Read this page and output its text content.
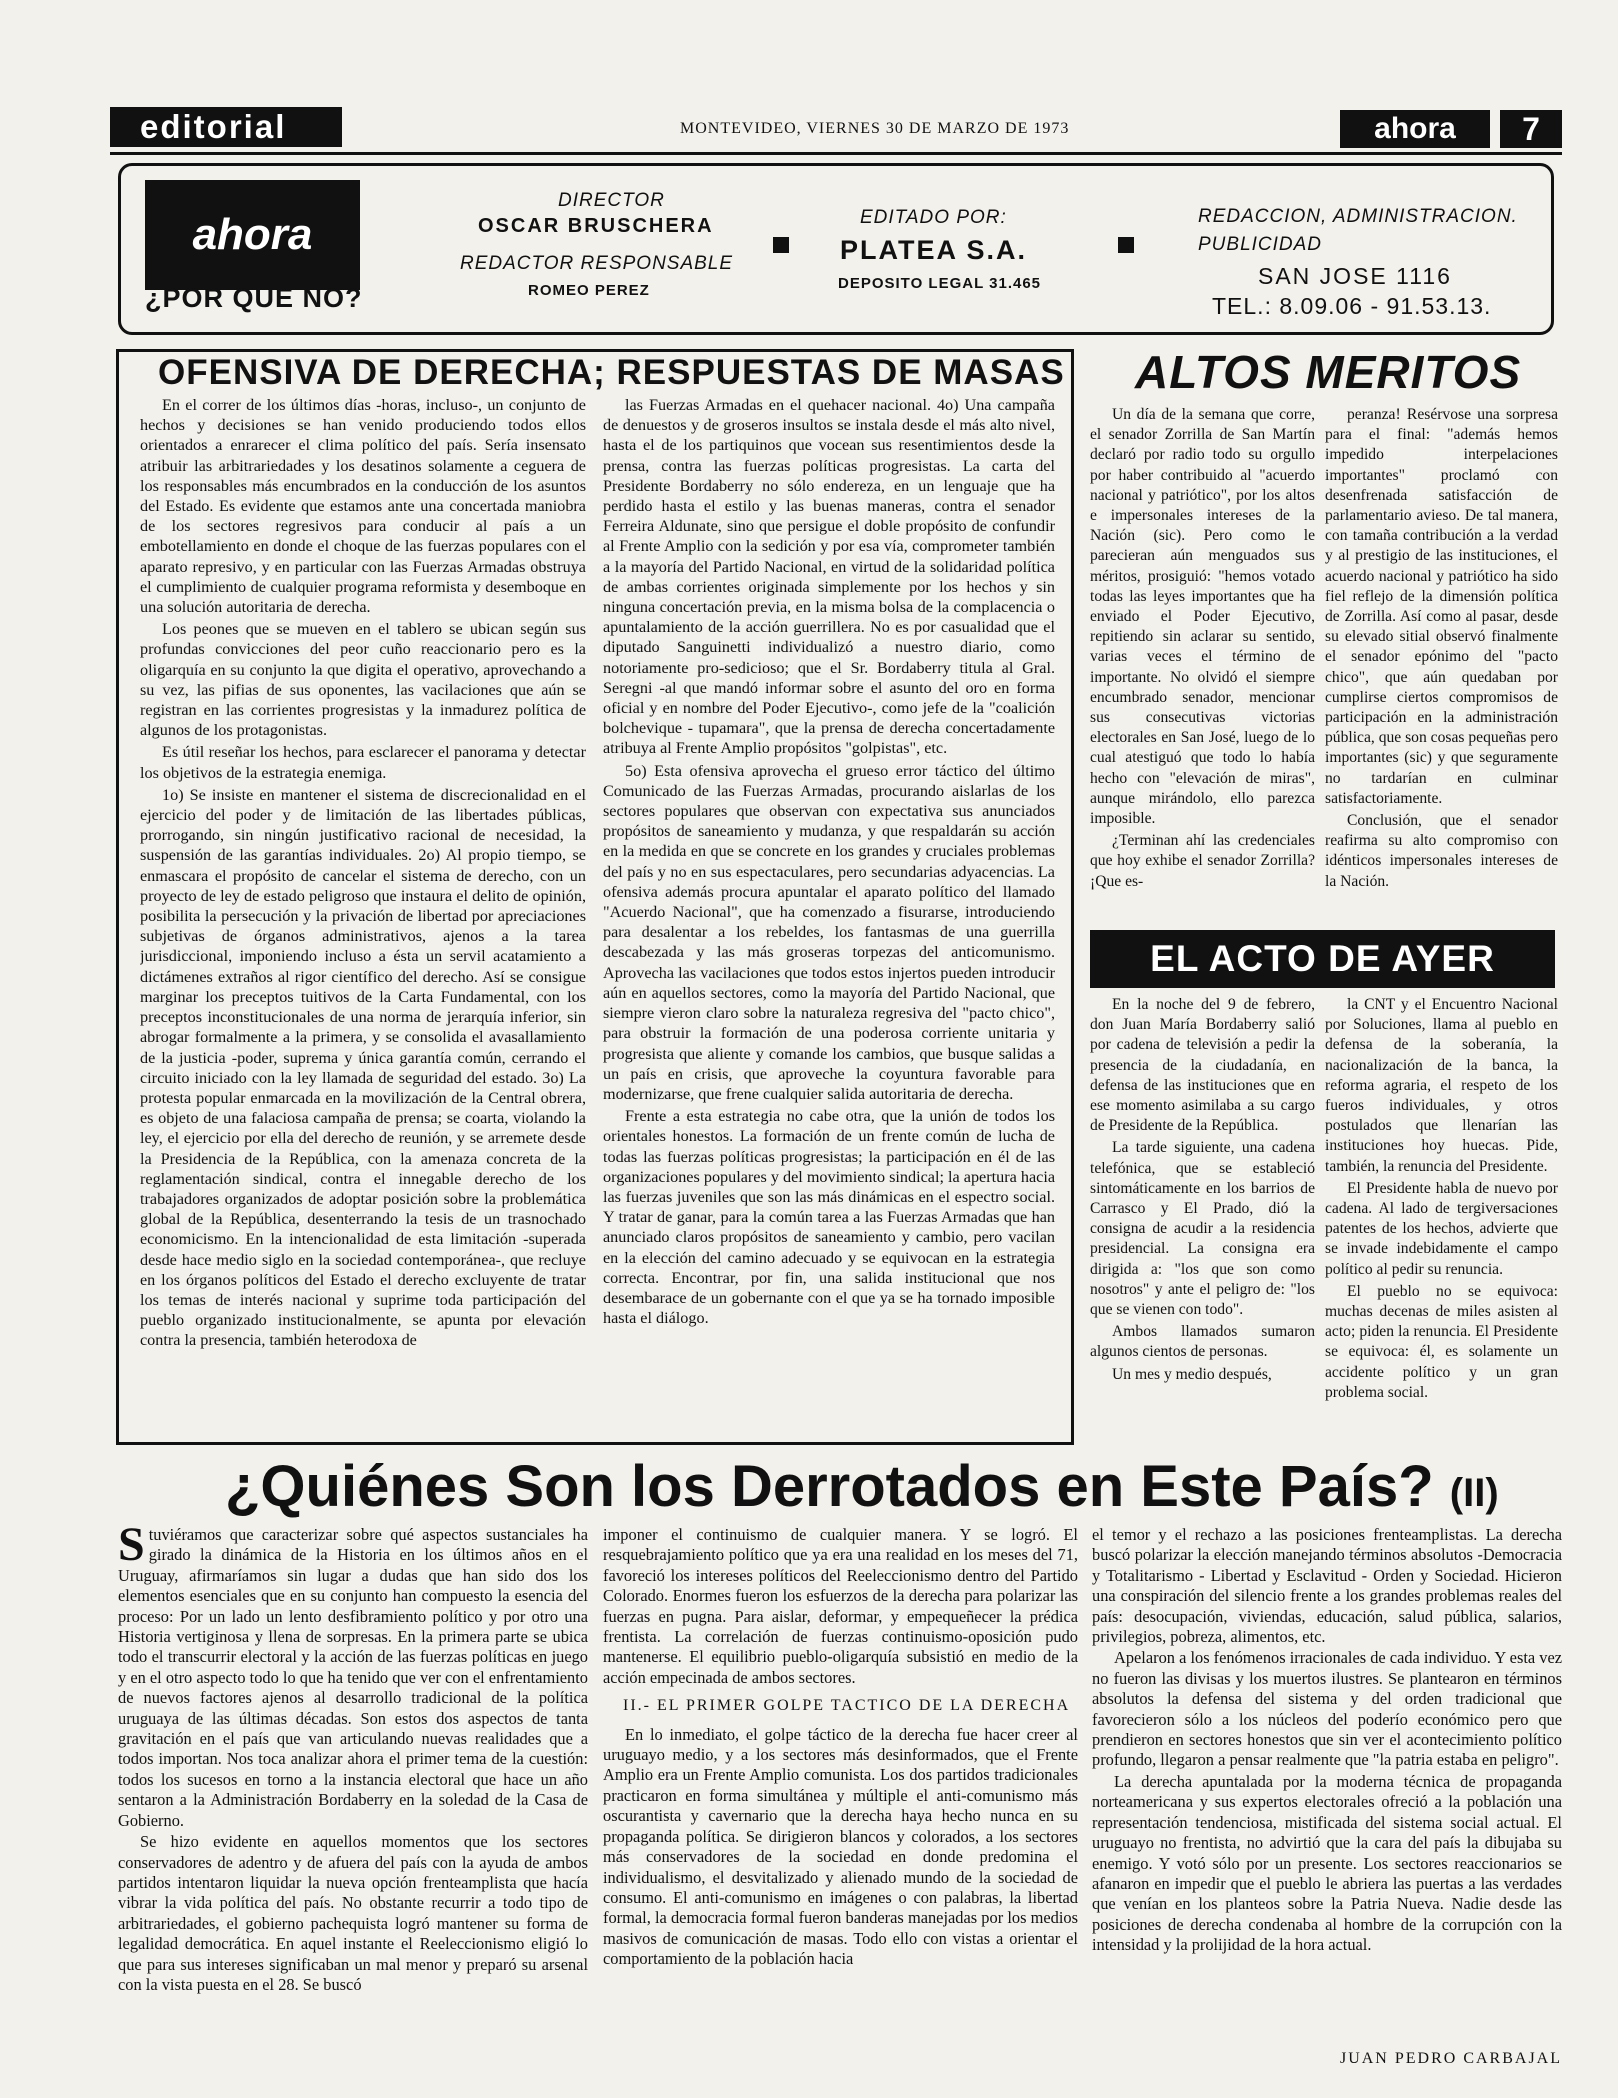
editorial	MONTEVIDEO, VIERNES 30 DE MARZO DE 1973	ahora	7
ahora
¿POR QUE NO?
DIRECTOR
OSCAR BRUSCHERA
REDACTOR RESPONSABLE
ROMEO PEREZ
EDITADO POR:
PLATEA S.A.
DEPOSITO LEGAL 31.465
REDACCION, ADMINISTRACION. PUBLICIDAD
SAN JOSE 1116
TEL.: 8.09.06 - 91.53.13.
OFENSIVA DE DERECHA; RESPUESTAS DE MASAS

En el correr de los últimos días -horas, incluso-, un conjunto de hechos y decisiones se han venido produciendo todos ellos orientados a enrarecer el clima político del país. Sería insensato atribuir las arbitrariedades y los desatinos solamente a ceguera de los responsables más encumbrados en la conducción de los asuntos del Estado. Es evidente que estamos ante una concertada maniobra de los sectores regresivos para conducir al país a un embotellamiento en donde el choque de las fuerzas populares con el aparato represivo, y en particular con las Fuerzas Armadas obstruya el cumplimiento de cualquier programa reformista y desemboque en una solución autoritaria de derecha.

Los peones que se mueven en el tablero se ubican según sus profundas convicciones del peor cuño reaccionario pero es la oligarquía en su conjunto la que digita el operativo, aprovechando a su vez, las pifias de sus oponentes, las vacilaciones que aún se registran en las corrientes progresistas y la inmadurez política de algunos de los protagonistas.

Es útil reseñar los hechos, para esclarecer el panorama y detectar los objetivos de la estrategia enemiga.

1o) Se insiste en mantener el sistema de discrecionalidad en el ejercicio del poder y de limitación de las libertades públicas, prorrogando, sin ningún justificativo racional de necesidad, la suspensión de las garantías individuales. 2o) Al propio tiempo, se enmascara el propósito de cancelar el sistema de derecho, con un proyecto de ley de estado peligroso que instaura el delito de opinión, posibilita la persecución y la privación de libertad por apreciaciones subjetivas de órganos administrativos, ajenos a la tarea jurisdiccional, imponiendo incluso a ésta un servil acatamiento a dictámenes extraños al rigor científico del derecho. Así se consigue marginar los preceptos tuitivos de la Carta Fundamental, con los preceptos inconstitucionales de una norma de jerarquía inferior, sin abrogar formalmente a la primera, y se consolida el avasallamiento de la justicia -poder, suprema y única garantía común, cerrando el circuito iniciado con la ley llamada de seguridad del estado. 3o) La protesta popular enmarcada en la movilización de la Central obrera, es objeto de una falaciosa campaña de prensa; se coarta, violando la ley, el ejercicio por ella del derecho de reunión, y se arremete desde la Presidencia de la República, con la amenaza concreta de la reglamentación sindical, contra el innegable derecho de los trabajadores organizados de adoptar posición sobre la problemática global de la República, desenterrando la tesis de un trasnochado economicismo. En la intencionalidad de esta limitación -superada desde hace medio siglo en la sociedad contemporánea-, que recluye en los órganos políticos del Estado el derecho excluyente de tratar los temas de interés nacional y suprime toda participación del pueblo organizado institucionalmente, se apunta por elevación contra la presencia, también heterodoxa de

las Fuerzas Armadas en el quehacer nacional. 4o) Una campaña de denuestos y de groseros insultos se instala desde el más alto nivel, hasta el de los partiquinos que vocean sus resentimientos desde la prensa, contra las fuerzas políticas progresistas. La carta del Presidente Bordaberry no sólo endereza, en un lenguaje que ha perdido hasta el estilo y las buenas maneras, contra el senador Ferreira Aldunate, sino que persigue el doble propósito de confundir al Frente Amplio con la sedición y por esa vía, comprometer también a la mayoría del Partido Nacional, en virtud de la solidaridad política de ambas corrientes originada simplemente por los hechos y sin ninguna concertación previa, en la misma bolsa de la complacencia o apuntalamiento de la acción guerrillera. No es por casualidad que el diputado Sanguinetti individualizó a nuestro diario, como notoriamente pro-sedicioso; que el Sr. Bordaberry titula al Gral. Seregni -al que mandó informar sobre el asunto del oro en forma oficial y en nombre del Poder Ejecutivo-, como jefe de la "coalición bolchevique - tupamara", que la prensa de derecha concertadamente atribuya al Frente Amplio propósitos "golpistas", etc.

5o) Esta ofensiva aprovecha el grueso error táctico del último Comunicado de las Fuerzas Armadas, procurando aislarlas de los sectores populares que observan con expectativa sus anunciados propósitos de saneamiento y mudanza, y que respaldarán su acción en la medida en que se concrete en los grandes y cruciales problemas del país y no en sus espectaculares, pero secundarias adyacencias. La ofensiva además procura apuntalar el aparato político del llamado "Acuerdo Nacional", que ha comenzado a fisurarse, introduciendo para desalentar a los rebeldes, los fantasmas de una guerrilla descabezada y las más groseras torpezas del anticomunismo. Aprovecha las vacilaciones que todos estos injertos pueden introducir aún en aquellos sectores, como la mayoría del Partido Nacional, que siempre vieron claro sobre la naturaleza regresiva del "pacto chico", para obstruir la formación de una poderosa corriente unitaria y progresista que aliente y comande los cambios, que busque salidas a un país en crisis, que aproveche la coyuntura favorable para modernizarse, que frene cualquier salida autoritaria de derecha.

Frente a esta estrategia no cabe otra, que la unión de todos los orientales honestos. La formación de un frente común de lucha de todas las fuerzas políticas progresistas; la participación en él de las organizaciones populares y del movimiento sindical; la apertura hacia las fuerzas juveniles que son las más dinámicas en el espectro social. Y tratar de ganar, para la común tarea a las Fuerzas Armadas que han anunciado claros propósitos de saneamiento y cambio, pero vacilan en la elección del camino adecuado y se equivocan en la estrategia correcta. Encontrar, por fin, una salida institucional que nos desembarace de un gobernante con el que ya se ha tornado imposible hasta el diálogo.

ALTOS MERITOS

Un día de la semana que corre, el senador Zorrilla de San Martín declaró por radio todo su orgullo por haber contribuido al "acuerdo nacional y patriótico", por los altos e impersonales intereses de la Nación (sic). Pero como le parecieran aún menguados sus méritos, prosiguió: "hemos votado todas las leyes importantes que ha enviado el Poder Ejecutivo, repitiendo sin aclarar su sentido, varias veces el término de importante. No olvidó el siempre encumbrado senador, mencionar sus consecutivas victorias electorales en San José, luego de lo cual atestiguó que todo lo había hecho con "elevación de miras", aunque mirándolo, ello parezca imposible.

¿Terminan ahí las credenciales que hoy exhibe el senador Zorrilla? ¡Que es-

peranza! Resérvose una sorpresa para el final: "además hemos impedido interpelaciones importantes" proclamó con desenfrenada satisfacción de parlamentario avieso. De tal manera, con tamaña contribución a la verdad y al prestigio de las instituciones, el acuerdo nacional y patriótico ha sido fiel reflejo de la dimensión política de Zorrilla. Así como al pasar, desde su elevado sitial observó finalmente el senador epónimo del "pacto chico", que aún quedaban por cumplirse ciertos compromisos de participación en la administración pública, que son cosas pequeñas pero importantes (sic) y que seguramente no tardarían en culminar satisfactoriamente.

Conclusión, que el senador reafirma su alto compromiso con idénticos impersonales intereses de la Nación.

EL ACTO DE AYER

En la noche del 9 de febrero, don Juan María Bordaberry salió por cadena de televisión a pedir la presencia de la ciudadanía, en defensa de las instituciones que en ese momento asimilaba a su cargo de Presidente de la República.

La tarde siguiente, una cadena telefónica, que se estableció sintomáticamente en los barrios de Carrasco y El Prado, dió la consigna de acudir a la residencia presidencial. La consigna era dirigida a: "los que son como nosotros" y ante el peligro de: "los que se vienen con todo".

Ambos llamados sumaron algunos cientos de personas.

Un mes y medio después,

la CNT y el Encuentro Nacional por Soluciones, llama al pueblo en defensa de la soberanía, la nacionalización de la banca, la reforma agraria, el respeto de los fueros individuales, y otros postulados que llenarían las instituciones hoy huecas. Pide, también, la renuncia del Presidente.

El Presidente habla de nuevo por cadena. Al lado de tergiversaciones patentes de los hechos, advierte que se invade indebidamente el campo político al pedir su renuncia.

El pueblo no se equivoca: muchas decenas de miles asisten al acto; piden la renuncia. El Presidente se equivoca: él, es solamente un accidente político y un gran problema social.

¿Quiénes Son los Derrotados en Este País? (II)

Stuviéramos que caracterizar sobre qué aspectos sustanciales ha girado la dinámica de la Historia en los últimos años en el Uruguay, afirmaríamos sin lugar a dudas que han sido dos los elementos esenciales que en su conjunto han compuesto la esencia del proceso: Por un lado un lento desfibramiento político y por otro una Historia vertiginosa y llena de sorpresas. En la primera parte se ubica todo el transcurrir electoral y la acción de las fuerzas políticas en juego y en el otro aspecto todo lo que ha tenido que ver con el enfrentamiento de nuevos factores ajenos al desarrollo tradicional de la política uruguaya de las últimas décadas. Son estos dos aspectos de tanta gravitación en el país que van articulando nuevas realidades que a todos importan. Nos toca analizar ahora el primer tema de la cuestión: todos los sucesos en torno a la instancia electoral que hace un año sentaron a la Administración Bordaberry en la soledad de la Casa de Gobierno.

Se hizo evidente en aquellos momentos que los sectores conservadores de adentro y de afuera del país con la ayuda de ambos partidos intentaron liquidar la nueva opción frenteamplista que hacía vibrar la vida política del país. No obstante recurrir a todo tipo de arbitrariedades, el gobierno pachequista logró mantener su forma de legalidad democrática. En aquel instante el Reeleccionismo eligió lo que para sus intereses significaban un mal menor y preparó su arsenal con la vista puesta en el 28. Se buscó

imponer el continuismo de cualquier manera. Y se logró. El resquebrajamiento político que ya era una realidad en los meses del 71, favoreció los intereses políticos del Reeleccionismo dentro del Partido Colorado. Enormes fueron los esfuerzos de la derecha para polarizar las fuerzas en pugna. Para aislar, deformar, y empequeñecer la prédica frentista. La correlación de fuerzas continuismo-oposición pudo mantenerse. El equilibrio pueblo-oligarquía subsistió en medio de la acción empecinada de ambos sectores.

II.- EL PRIMER GOLPE TACTICO DE LA DERECHA

En lo inmediato, el golpe táctico de la derecha fue hacer creer al uruguayo medio, y a los sectores más desinformados, que el Frente Amplio era un Frente Amplio comunista. Los dos partidos tradicionales practicaron en forma simultánea y múltiple el anti-comunismo más oscurantista y cavernario que la derecha haya hecho nunca en su propaganda política. Se dirigieron blancos y colorados, a los sectores más conservadores de la sociedad en donde predomina el individualismo, el desvitalizado y alienado mundo de la sociedad de consumo. El anti-comunismo en imágenes o con palabras, la libertad formal, la democracia formal fueron banderas manejadas por los medios masivos de comunicación de masas. Todo ello con vistas a orientar el comportamiento de la población hacia

el temor y el rechazo a las posiciones frenteamplistas. La derecha buscó polarizar la elección manejando términos absolutos -Democracia y Totalitarismo - Libertad y Esclavitud - Orden y Sociedad. Hicieron una conspiración del silencio frente a los grandes problemas reales del país: desocupación, viviendas, educación, salud pública, salarios, privilegios, pobreza, alimentos, etc.

Apelaron a los fenómenos irracionales de cada individuo. Y esta vez no fueron las divisas y los muertos ilustres. Se plantearon en términos absolutos la defensa del sistema y del orden tradicional que favorecieron sólo a los núcleos del poderío económico pero que prendieron en sectores honestos que sin ver el acontecimiento político profundo, llegaron a pensar realmente que "la patria estaba en peligro".

La derecha apuntalada por la moderna técnica de propaganda norteamericana y sus expertos electorales ofreció a la población una representación tendenciosa, mistificada del sistema social actual. El uruguayo no frentista, no advirtió que la cara del país la dibujaba su enemigo. Y votó sólo por un presente. Los sectores reaccionarios se afanaron en impedir que el pueblo le abriera las puertas a las verdades que venían en los planteos sobre la Patria Nueva. Nadie desde las posiciones de derecha condenaba al hombre de la corrupción con la intensidad y la prolijidad de la hora actual.

JUAN PEDRO CARBAJAL
